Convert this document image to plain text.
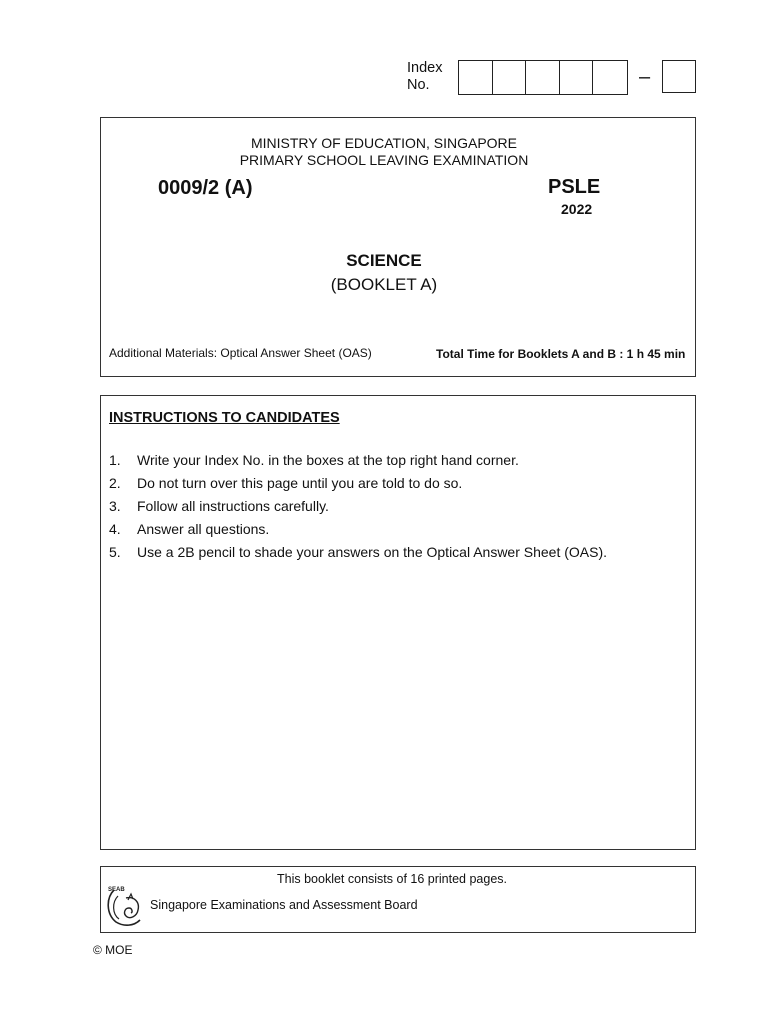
Index
No.	–
MINISTRY OF EDUCATION, SINGAPORE
PRIMARY SCHOOL LEAVING EXAMINATION
0009/2 (A)	PSLE
2022
SCIENCE
(BOOKLET A)
Additional Materials: Optical Answer Sheet (OAS)	Total Time for Booklets A and B : 1 h 45 min
INSTRUCTIONS TO CANDIDATES
1.	Write your Index No. in the boxes at the top right hand corner.
2.	Do not turn over this page until you are told to do so.
3.	Follow all instructions carefully.
4.	Answer all questions.
5.	Use a 2B pencil to shade your answers on the Optical Answer Sheet (OAS).
This booklet consists of 16 printed pages.
SEAB
Singapore Examinations and Assessment Board
© MOE
